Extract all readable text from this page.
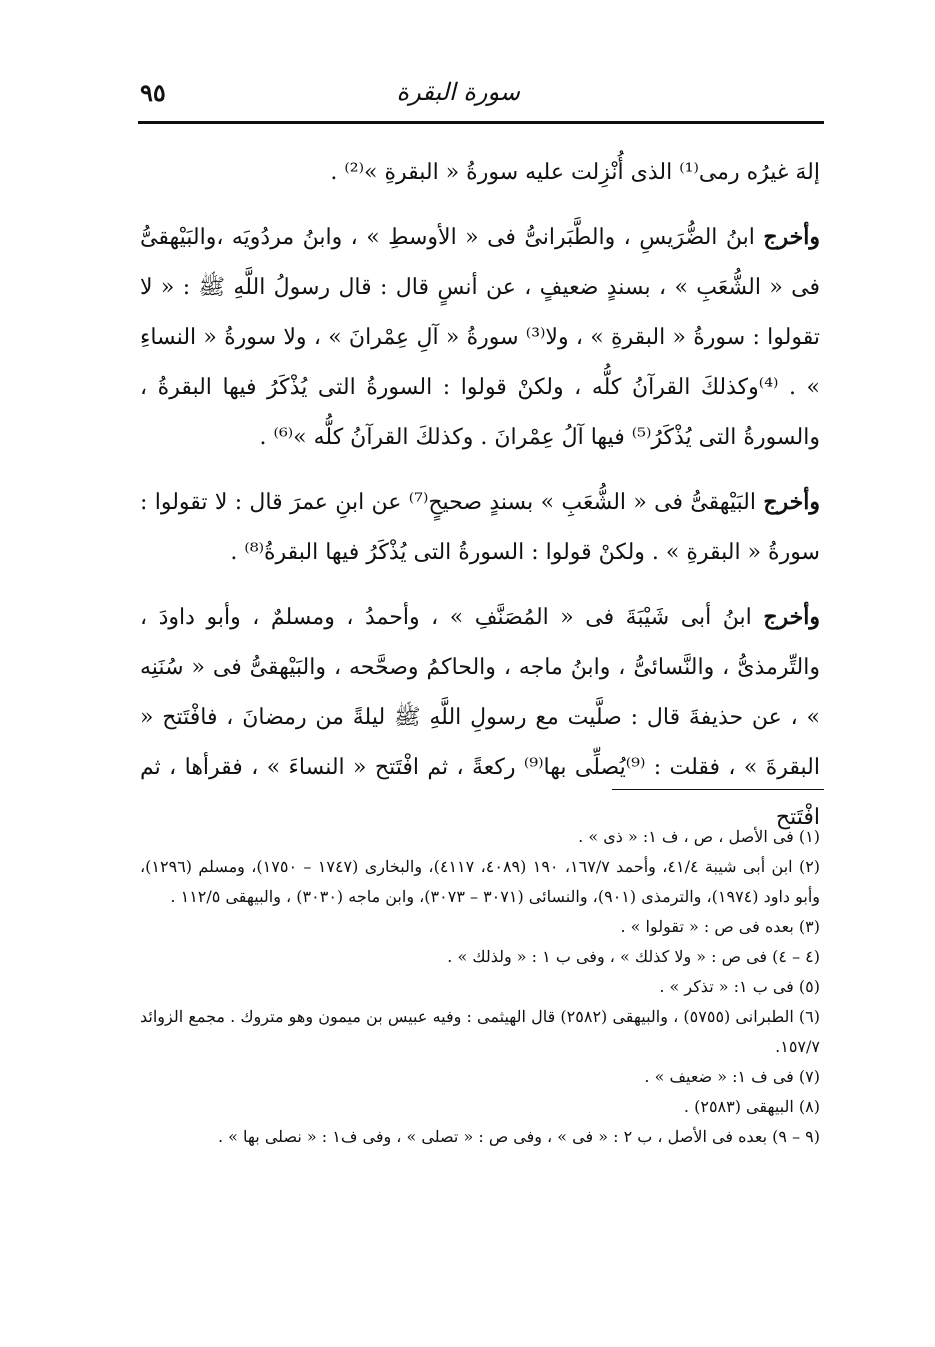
سورة البقرة
٩٥

إلهَ غيرُه رمى⁽¹⁾ الذى أُنْزِلت عليه سورةُ « البقرةِ »⁽²⁾ .

وأخرج ابنُ الضُّرَيسِ ، والطَّبَرانىُّ فى « الأوسطِ » ، وابنُ مردُويَه ،والبَيْهقىُّ فى « الشُّعَبِ » ، بسندٍ ضعيفٍ ، عن أنسٍ قال : قال رسولُ اللَّهِ ﷺ : « لا تقولوا : سورةُ « البقرةِ » ، ولا⁽³⁾ سورةُ « آلِ عِمْرانَ » ، ولا سورةُ « النساءِ » . ⁽⁴⁾وكذلكَ القرآنُ كلُّه ، ولكنْ قولوا : السورةُ التى يُذْكَرُ فيها البقرةُ ، والسورةُ التى يُذْكَرُ⁽⁵⁾ فيها آلُ عِمْرانَ . وكذلكَ القرآنُ كلُّه »⁽⁶⁾ .

وأخرج البَيْهقىُّ فى « الشُّعَبِ » بسندٍ صحيحٍ⁽⁷⁾ عن ابنِ عمرَ قال : لا تقولوا : سورةُ « البقرةِ » . ولكنْ قولوا : السورةُ التى يُذْكَرُ فيها البقرةُ⁽⁸⁾ .

وأخرج ابنُ أبى شَيْبَةَ فى « المُصَنَّفِ » ، وأحمدُ ، ومسلمٌ ، وأبو داودَ ، والتِّرمذىُّ ، والنَّسائىُّ ، وابنُ ماجه ، والحاكمُ وصحَّحه ، والبَيْهقىُّ فى « سُنَنِه » ، عن حذيفةَ قال : صلَّيت مع رسولِ اللَّهِ ﷺ ليلةً من رمضانَ ، فافْتَتح « البقرةَ » ، فقلت : ⁽⁹⁾يُصلِّى بها⁽⁹⁾ ركعةً ، ثم افْتَتح « النساءَ » ، فقرأها ، ثم افْتَتح

(١) فى الأصل ، ص ، ف ١: « ذى » .

(٢) ابن أبى شيبة ٤١/٤، وأحمد ١٦٧/٧، ١٩٠ (٤٠٨٩، ٤١١٧)، والبخارى (١٧٤٧ – ١٧٥٠)، ومسلم (١٢٩٦)، وأبو داود (١٩٧٤)، والترمذى (٩٠١)، والنسائى (٣٠٧١ – ٣٠٧٣)، وابن ماجه (٣٠٣٠) ، والبيهقى ١١٢/٥ .

(٣) بعده فى ص : « تقولوا » .

(٤ – ٤) فى ص : « ولا كذلك » ، وفى ب ١ : « ولذلك » .

(٥) فى ب ١: « تذكر » .

(٦) الطبرانى (٥٧٥٥) ، والبيهقى (٢٥٨٢) قال الهيثمى : وفيه عبيس بن ميمون وهو متروك . مجمع الزوائد ١٥٧/٧.

(٧) فى ف ١: « ضعيف » .

(٨) البيهقى (٢٥٨٣) .

(٩ – ٩) بعده فى الأصل ، ب ٢ : « فى » ، وفى ص : « تصلى » ، وفى ف١ : « نصلى بها » .
